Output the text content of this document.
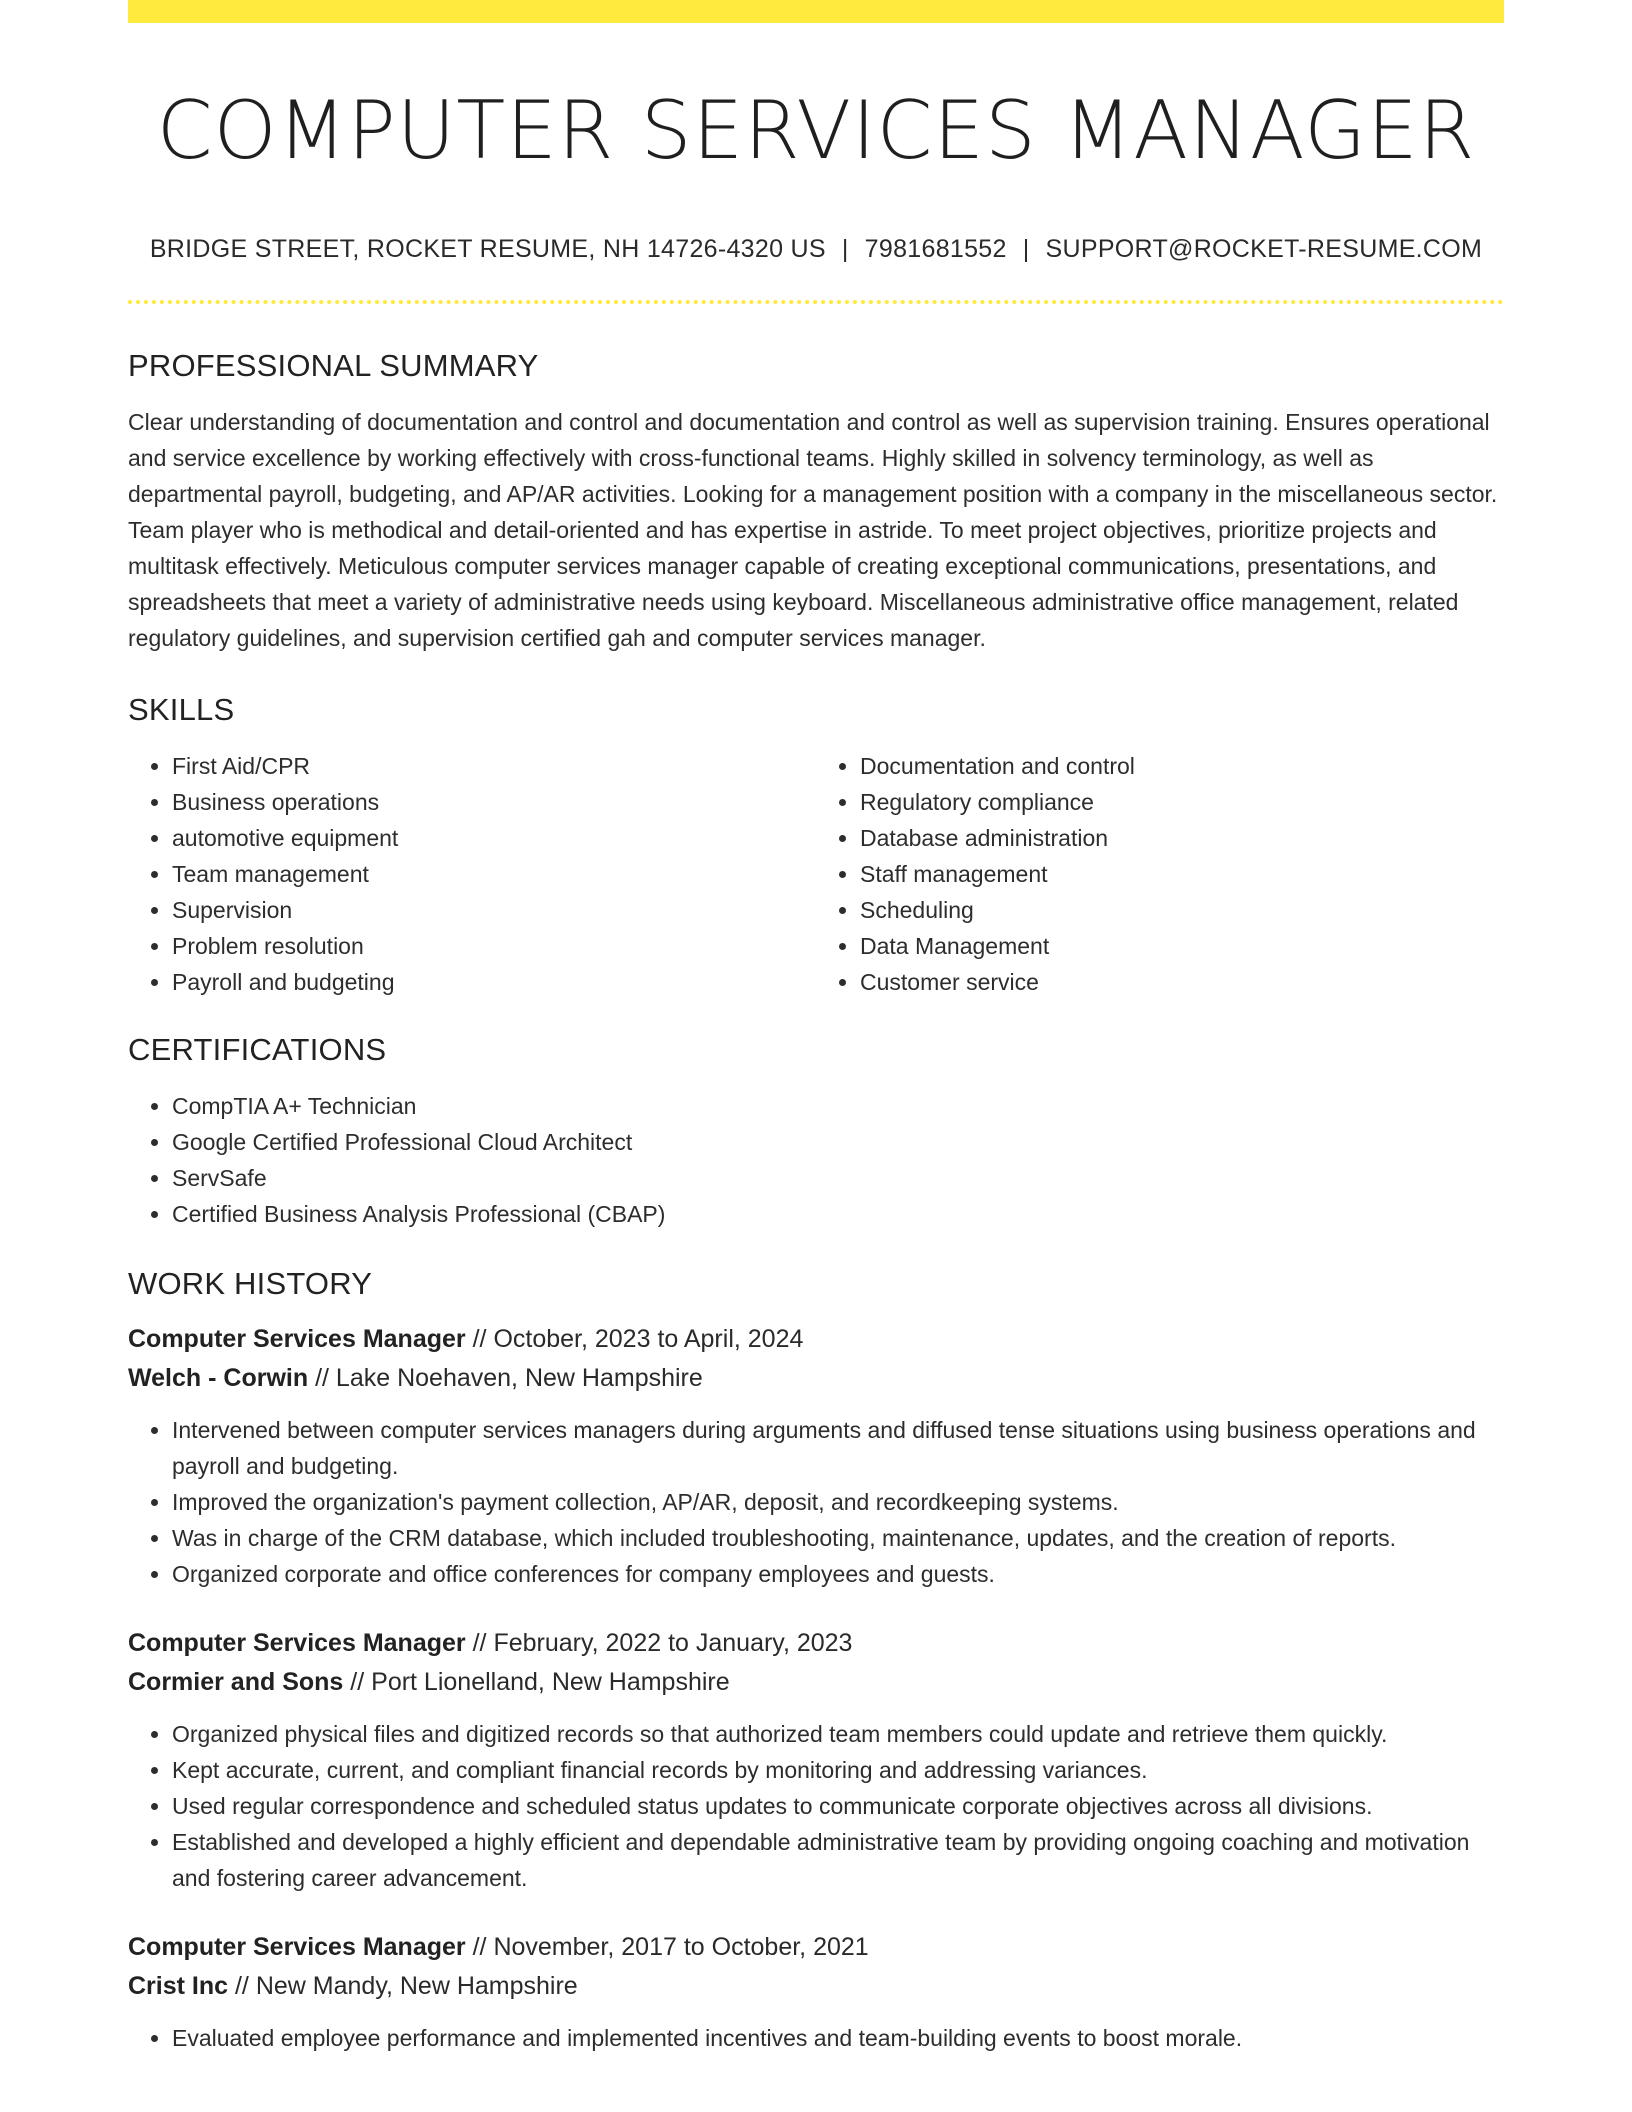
COMPUTER SERVICES MANAGER
BRIDGE STREET, ROCKET RESUME, NH 14726-4320 US | 7981681552 | SUPPORT@ROCKET-RESUME.COM
PROFESSIONAL SUMMARY
Clear understanding of documentation and control and documentation and control as well as supervision training. Ensures operational and service excellence by working effectively with cross-functional teams. Highly skilled in solvency terminology, as well as departmental payroll, budgeting, and AP/AR activities. Looking for a management position with a company in the miscellaneous sector. Team player who is methodical and detail-oriented and has expertise in astride. To meet project objectives, prioritize projects and multitask effectively. Meticulous computer services manager capable of creating exceptional communications, presentations, and spreadsheets that meet a variety of administrative needs using keyboard. Miscellaneous administrative office management, related regulatory guidelines, and supervision certified gah and computer services manager.
SKILLS
• First Aid/CPR
• Business operations
• automotive equipment
• Team management
• Supervision
• Problem resolution
• Payroll and budgeting
• Documentation and control
• Regulatory compliance
• Database administration
• Staff management
• Scheduling
• Data Management
• Customer service
CERTIFICATIONS
• CompTIA A+ Technician
• Google Certified Professional Cloud Architect
• ServSafe
• Certified Business Analysis Professional (CBAP)
WORK HISTORY
Computer Services Manager // October, 2023 to April, 2024
Welch - Corwin // Lake Noehaven, New Hampshire
• Intervened between computer services managers during arguments and diffused tense situations using business operations and payroll and budgeting.
• Improved the organization's payment collection, AP/AR, deposit, and recordkeeping systems.
• Was in charge of the CRM database, which included troubleshooting, maintenance, updates, and the creation of reports.
• Organized corporate and office conferences for company employees and guests.
Computer Services Manager // February, 2022 to January, 2023
Cormier and Sons // Port Lionelland, New Hampshire
• Organized physical files and digitized records so that authorized team members could update and retrieve them quickly.
• Kept accurate, current, and compliant financial records by monitoring and addressing variances.
• Used regular correspondence and scheduled status updates to communicate corporate objectives across all divisions.
• Established and developed a highly efficient and dependable administrative team by providing ongoing coaching and motivation and fostering career advancement.
Computer Services Manager // November, 2017 to October, 2021
Crist Inc // New Mandy, New Hampshire
• Evaluated employee performance and implemented incentives and team-building events to boost morale.
